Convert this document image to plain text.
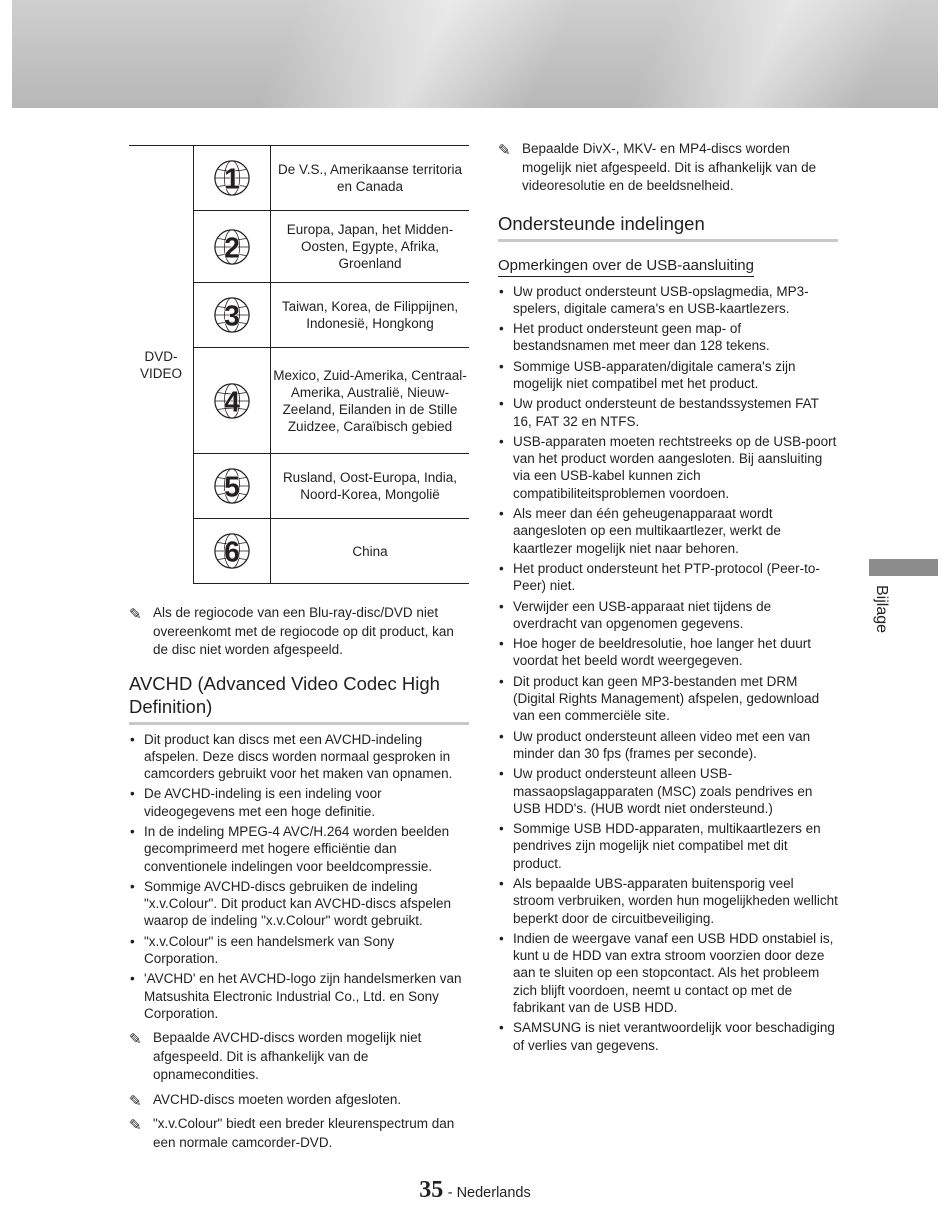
DVD-
VIDEO	1	De V.S., Amerikaanse territoria en Canada

2	Europa, Japan, het Midden-Oosten, Egypte, Afrika, Groenland

3	Taiwan, Korea, de Filippijnen, Indonesië, Hongkong

4	Mexico, Zuid-Amerika, Centraal-Amerika, Australië, Nieuw-Zeeland, Eilanden in de Stille Zuidzee, Caraïbisch gebied

5	Rusland, Oost-Europa, India, Noord-Korea, Mongolië

6	China
✎ Als de regiocode van een Blu-ray-disc/DVD niet overeenkomt met de regiocode op dit product, kan de disc niet worden afgespeeld.
AVCHD (Advanced Video Codec High Definition)
• Dit product kan discs met een AVCHD-indeling afspelen. Deze discs worden normaal gesproken in camcorders gebruikt voor het maken van opnamen.
• De AVCHD-indeling is een indeling voor videogegevens met een hoge definitie.
• In de indeling MPEG-4 AVC/H.264 worden beelden gecomprimeerd met hogere efficiëntie dan conventionele indelingen voor beeldcompressie.
• Sommige AVCHD-discs gebruiken de indeling "x.v.Colour". Dit product kan AVCHD-discs afspelen waarop de indeling "x.v.Colour" wordt gebruikt.
• "x.v.Colour" is een handelsmerk van Sony Corporation.
• 'AVCHD' en het AVCHD-logo zijn handelsmerken van Matsushita Electronic Industrial Co., Ltd. en Sony Corporation.
✎ Bepaalde AVCHD-discs worden mogelijk niet afgespeeld. Dit is afhankelijk van de opnamecondities.
✎ AVCHD-discs moeten worden afgesloten.
✎ "x.v.Colour" biedt een breder kleurenspectrum dan een normale camcorder-DVD.
✎ Bepaalde DivX-, MKV- en MP4-discs worden mogelijk niet afgespeeld. Dit is afhankelijk van de videoresolutie en de beeldsnelheid.
Ondersteunde indelingen
Opmerkingen over de USB-aansluiting
• Uw product ondersteunt USB-opslagmedia, MP3-spelers, digitale camera's en USB-kaartlezers.
• Het product ondersteunt geen map- of bestandsnamen met meer dan 128 tekens.
• Sommige USB-apparaten/digitale camera's zijn mogelijk niet compatibel met het product.
• Uw product ondersteunt de bestandssystemen FAT 16, FAT 32 en NTFS.
• USB-apparaten moeten rechtstreeks op de USB-poort van het product worden aangesloten. Bij aansluiting via een USB-kabel kunnen zich compatibiliteitsproblemen voordoen.
• Als meer dan één geheugenapparaat wordt aangesloten op een multikaartlezer, werkt de kaartlezer mogelijk niet naar behoren.
• Het product ondersteunt het PTP-protocol (Peer-to-Peer) niet.
• Verwijder een USB-apparaat niet tijdens de overdracht van opgenomen gegevens.
• Hoe hoger de beeldresolutie, hoe langer het duurt voordat het beeld wordt weergegeven.
• Dit product kan geen MP3-bestanden met DRM (Digital Rights Management) afspelen, gedownload van een commerciële site.
• Uw product ondersteunt alleen video met een van minder dan 30 fps (frames per seconde).
• Uw product ondersteunt alleen USB-massaopslagapparaten (MSC) zoals pendrives en USB HDD's. (HUB wordt niet ondersteund.)
• Sommige USB HDD-apparaten, multikaartlezers en pendrives zijn mogelijk niet compatibel met dit product.
• Als bepaalde UBS-apparaten buitensporig veel stroom verbruiken, worden hun mogelijkheden wellicht beperkt door de circuitbeveiliging.
• Indien de weergave vanaf een USB HDD onstabiel is, kunt u de HDD van extra stroom voorzien door deze aan te sluiten op een stopcontact. Als het probleem zich blijft voordoen, neemt u contact op met de fabrikant van de USB HDD.
• SAMSUNG is niet verantwoordelijk voor beschadiging of verlies van gegevens.
Bijlage
35 - Nederlands
